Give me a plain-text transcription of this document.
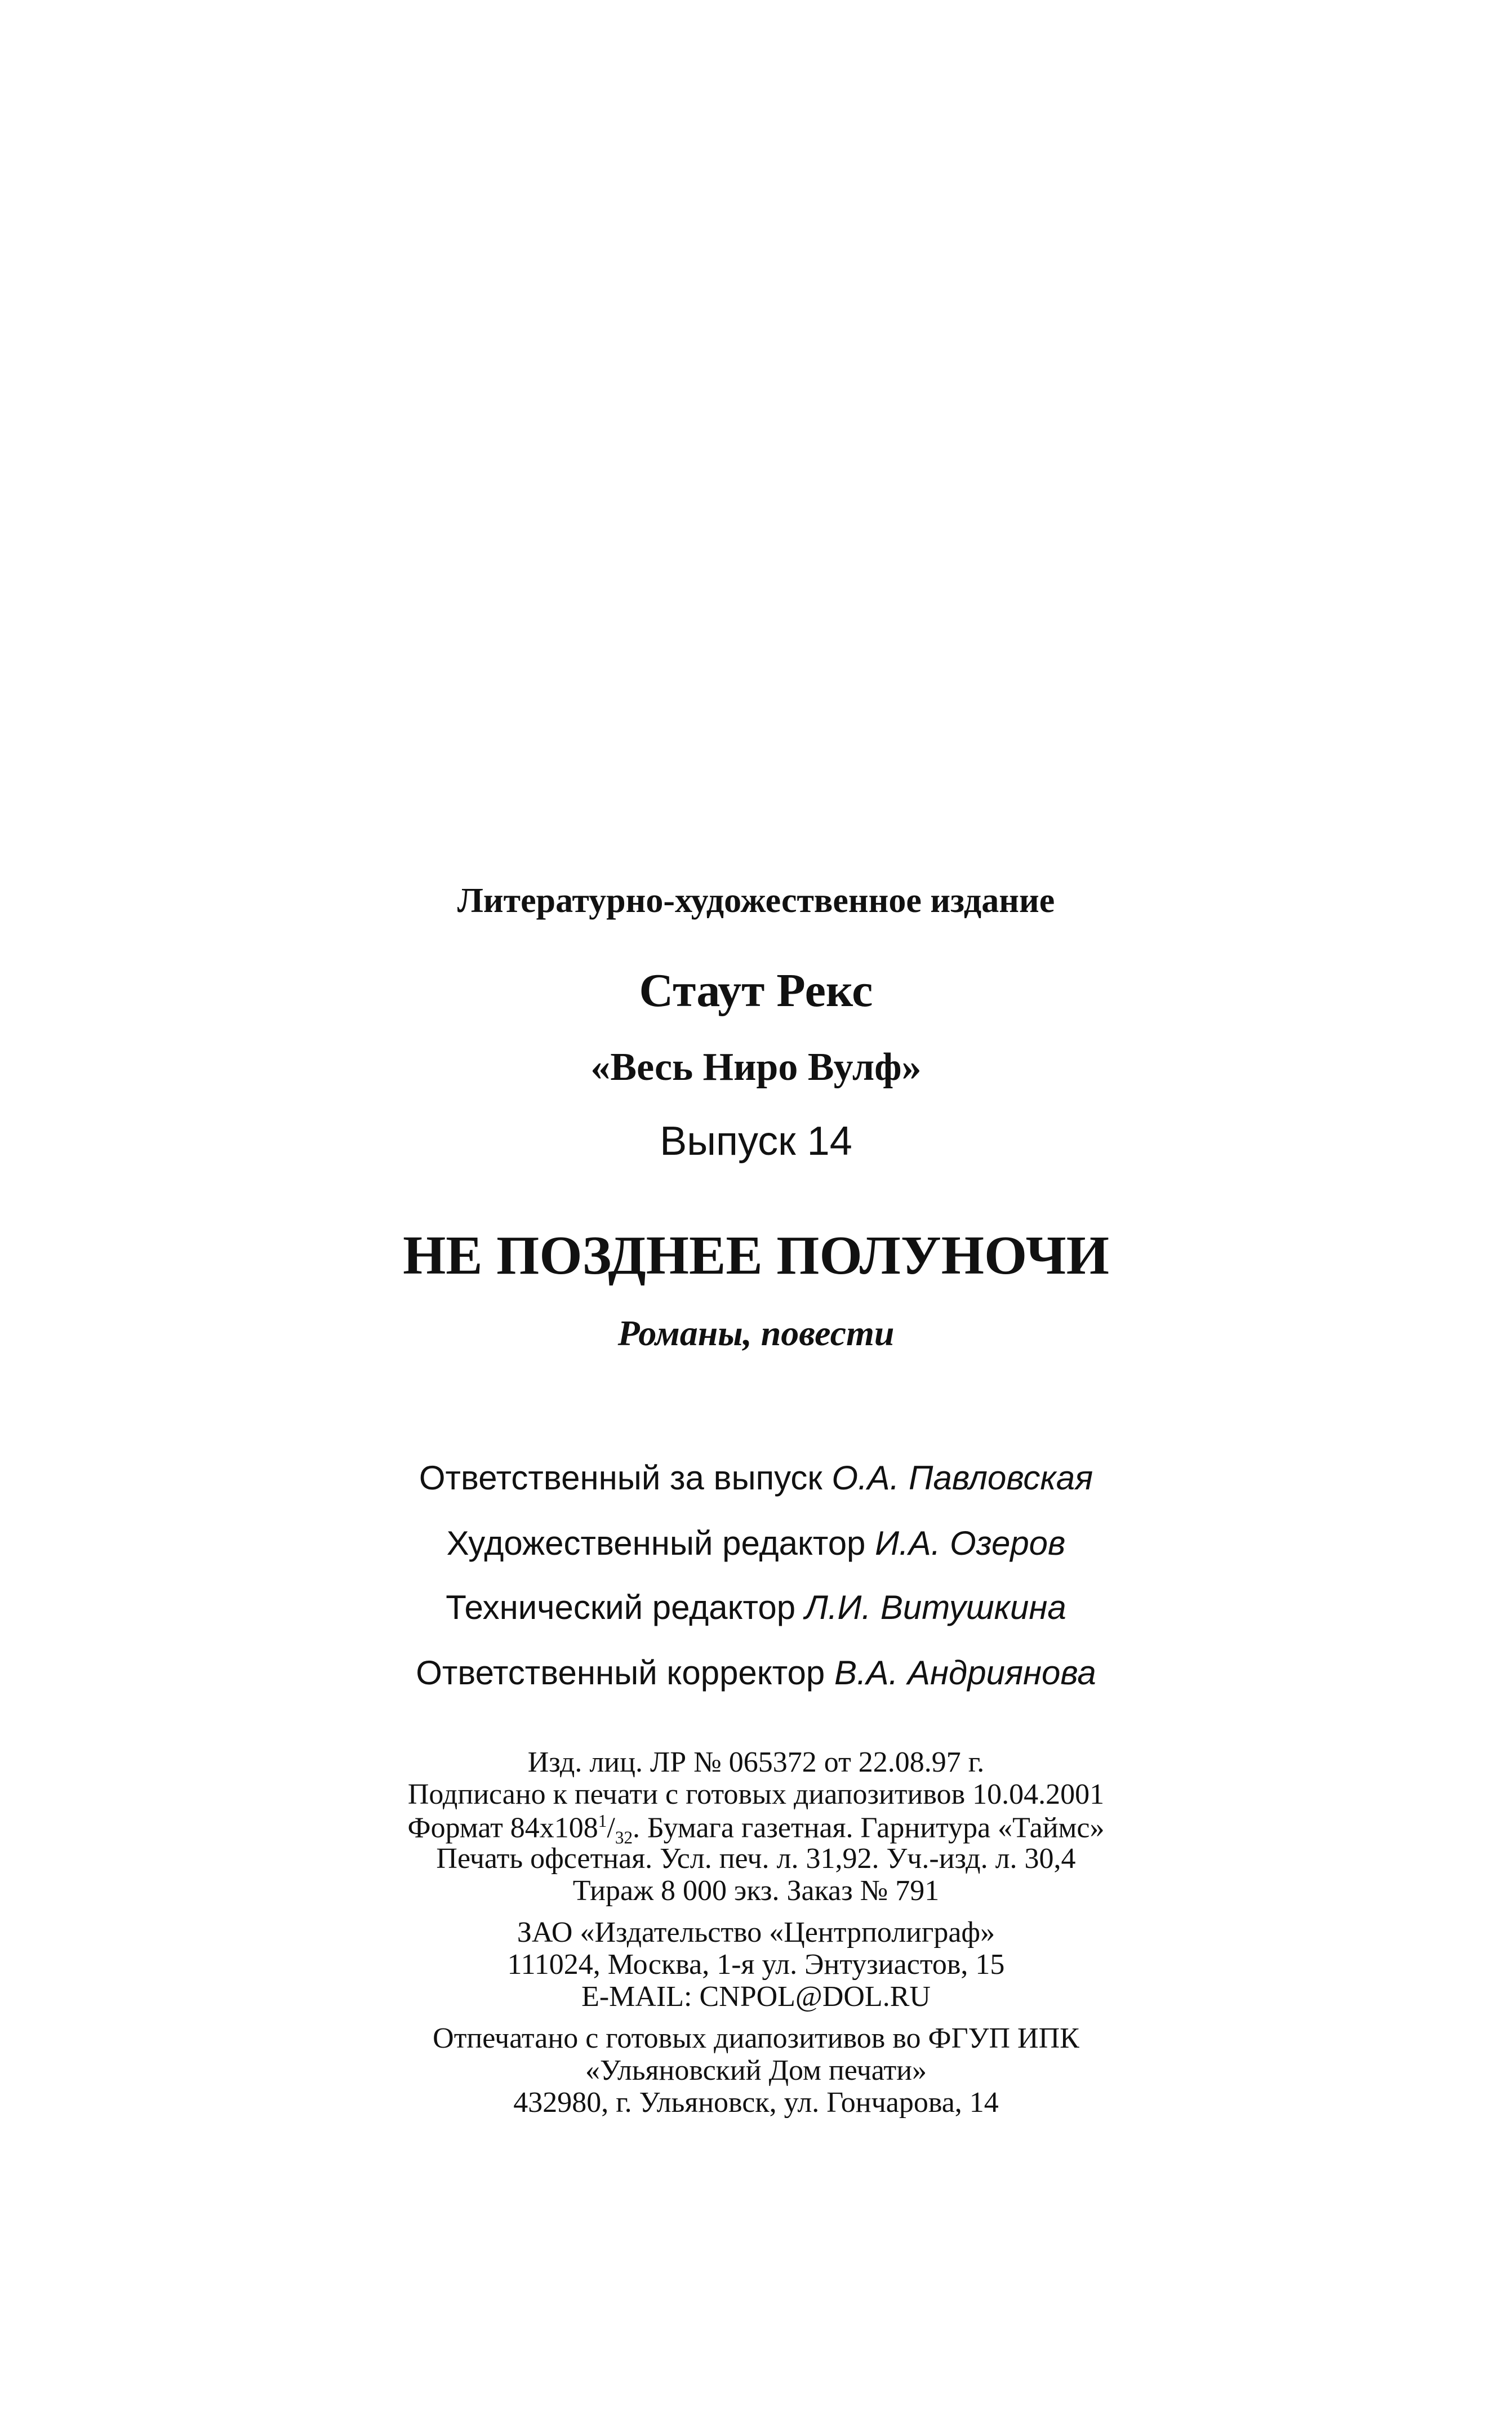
Литературно-художественное издание
Стаут Рекс
«Весь Ниро Вулф»
Выпуск 14
НЕ ПОЗДНЕЕ ПОЛУНОЧИ
Романы, повести
Ответственный за выпуск О.А. Павловская
Художественный редактор И.А. Озеров
Технический редактор Л.И. Витушкина
Ответственный корректор В.А. Андриянова
Изд. лиц. ЛР № 065372 от 22.08.97 г.
Подписано к печати с готовых диапозитивов 10.04.2001
Формат $84x108^1/_{32}$. Бумага газетная. Гарнитура «Таймс»
Печать офсетная. Усл. печ. л. 31,92. Уч.-изд. л. 30,4
Тираж 8 000 экз. Заказ № 791
ЗАО «Издательство «Центрполиграф»
111024, Москва, 1-я ул. Энтузиастов, 15
E-MAIL: CNPOL@DOL.RU
Отпечатано с готовых диапозитивов во ФГУП ИПК
«Ульяновский Дом печати»
432980, г. Ульяновск, ул. Гончарова, 14
